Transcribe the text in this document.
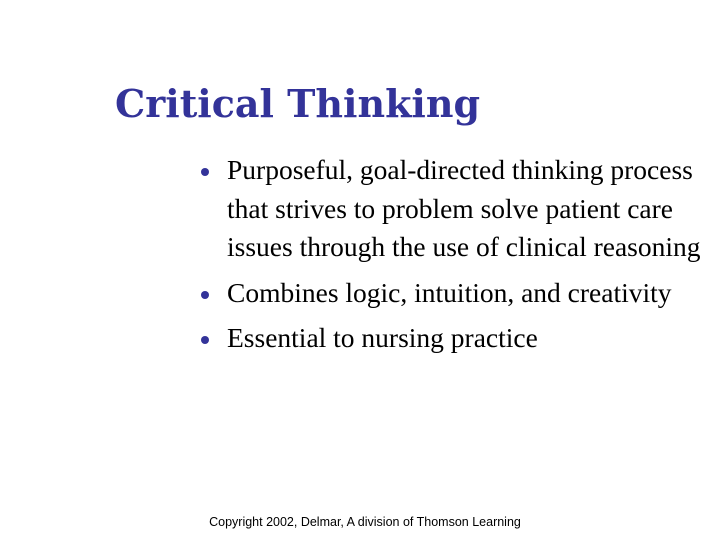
Critical Thinking
Purposeful, goal-directed thinking process that strives to problem solve patient care issues through the use of clinical reasoning
Combines logic, intuition, and creativity
Essential to nursing practice
Copyright 2002, Delmar, A division of Thomson Learning
